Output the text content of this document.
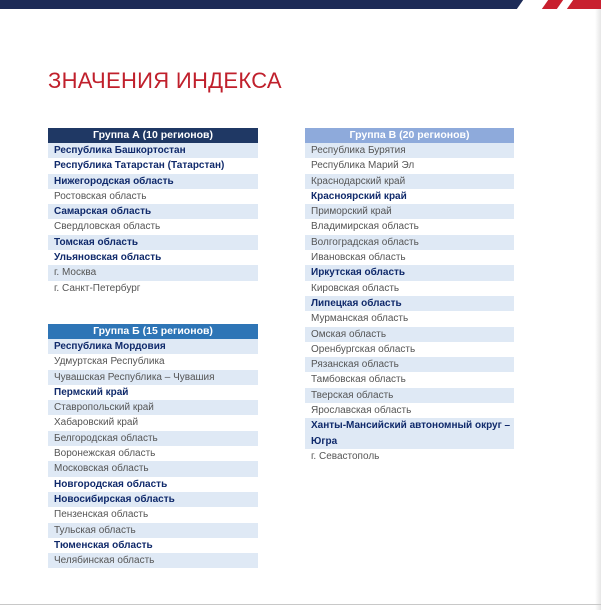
ЗНАЧЕНИЯ ИНДЕКСА
Группа А (10 регионов)
Республика Башкортостан
Республика Татарстан (Татарстан)
Нижегородская область
Ростовская область
Самарская область
Свердловская область
Томская область
Ульяновская область
г. Москва
г. Санкт-Петербург
Группа Б (15 регионов)
Республика Мордовия
Удмуртская Республика
Чувашская Республика – Чувашия
Пермский край
Ставропольский край
Хабаровский край
Белгородская область
Воронежская область
Московская область
Новгородская область
Новосибирская область
Пензенская область
Тульская область
Тюменская область
Челябинская область
Группа В (20 регионов)
Республика Бурятия
Республика Марий Эл
Краснодарский край
Красноярский край
Приморский край
Владимирская область
Волгоградская область
Ивановская область
Иркутская область
Кировская область
Липецкая область
Мурманская область
Омская область
Оренбургская область
Рязанская область
Тамбовская область
Тверская область
Ярославская область
Ханты-Мансийский автономный округ – Югра
г. Севастополь
